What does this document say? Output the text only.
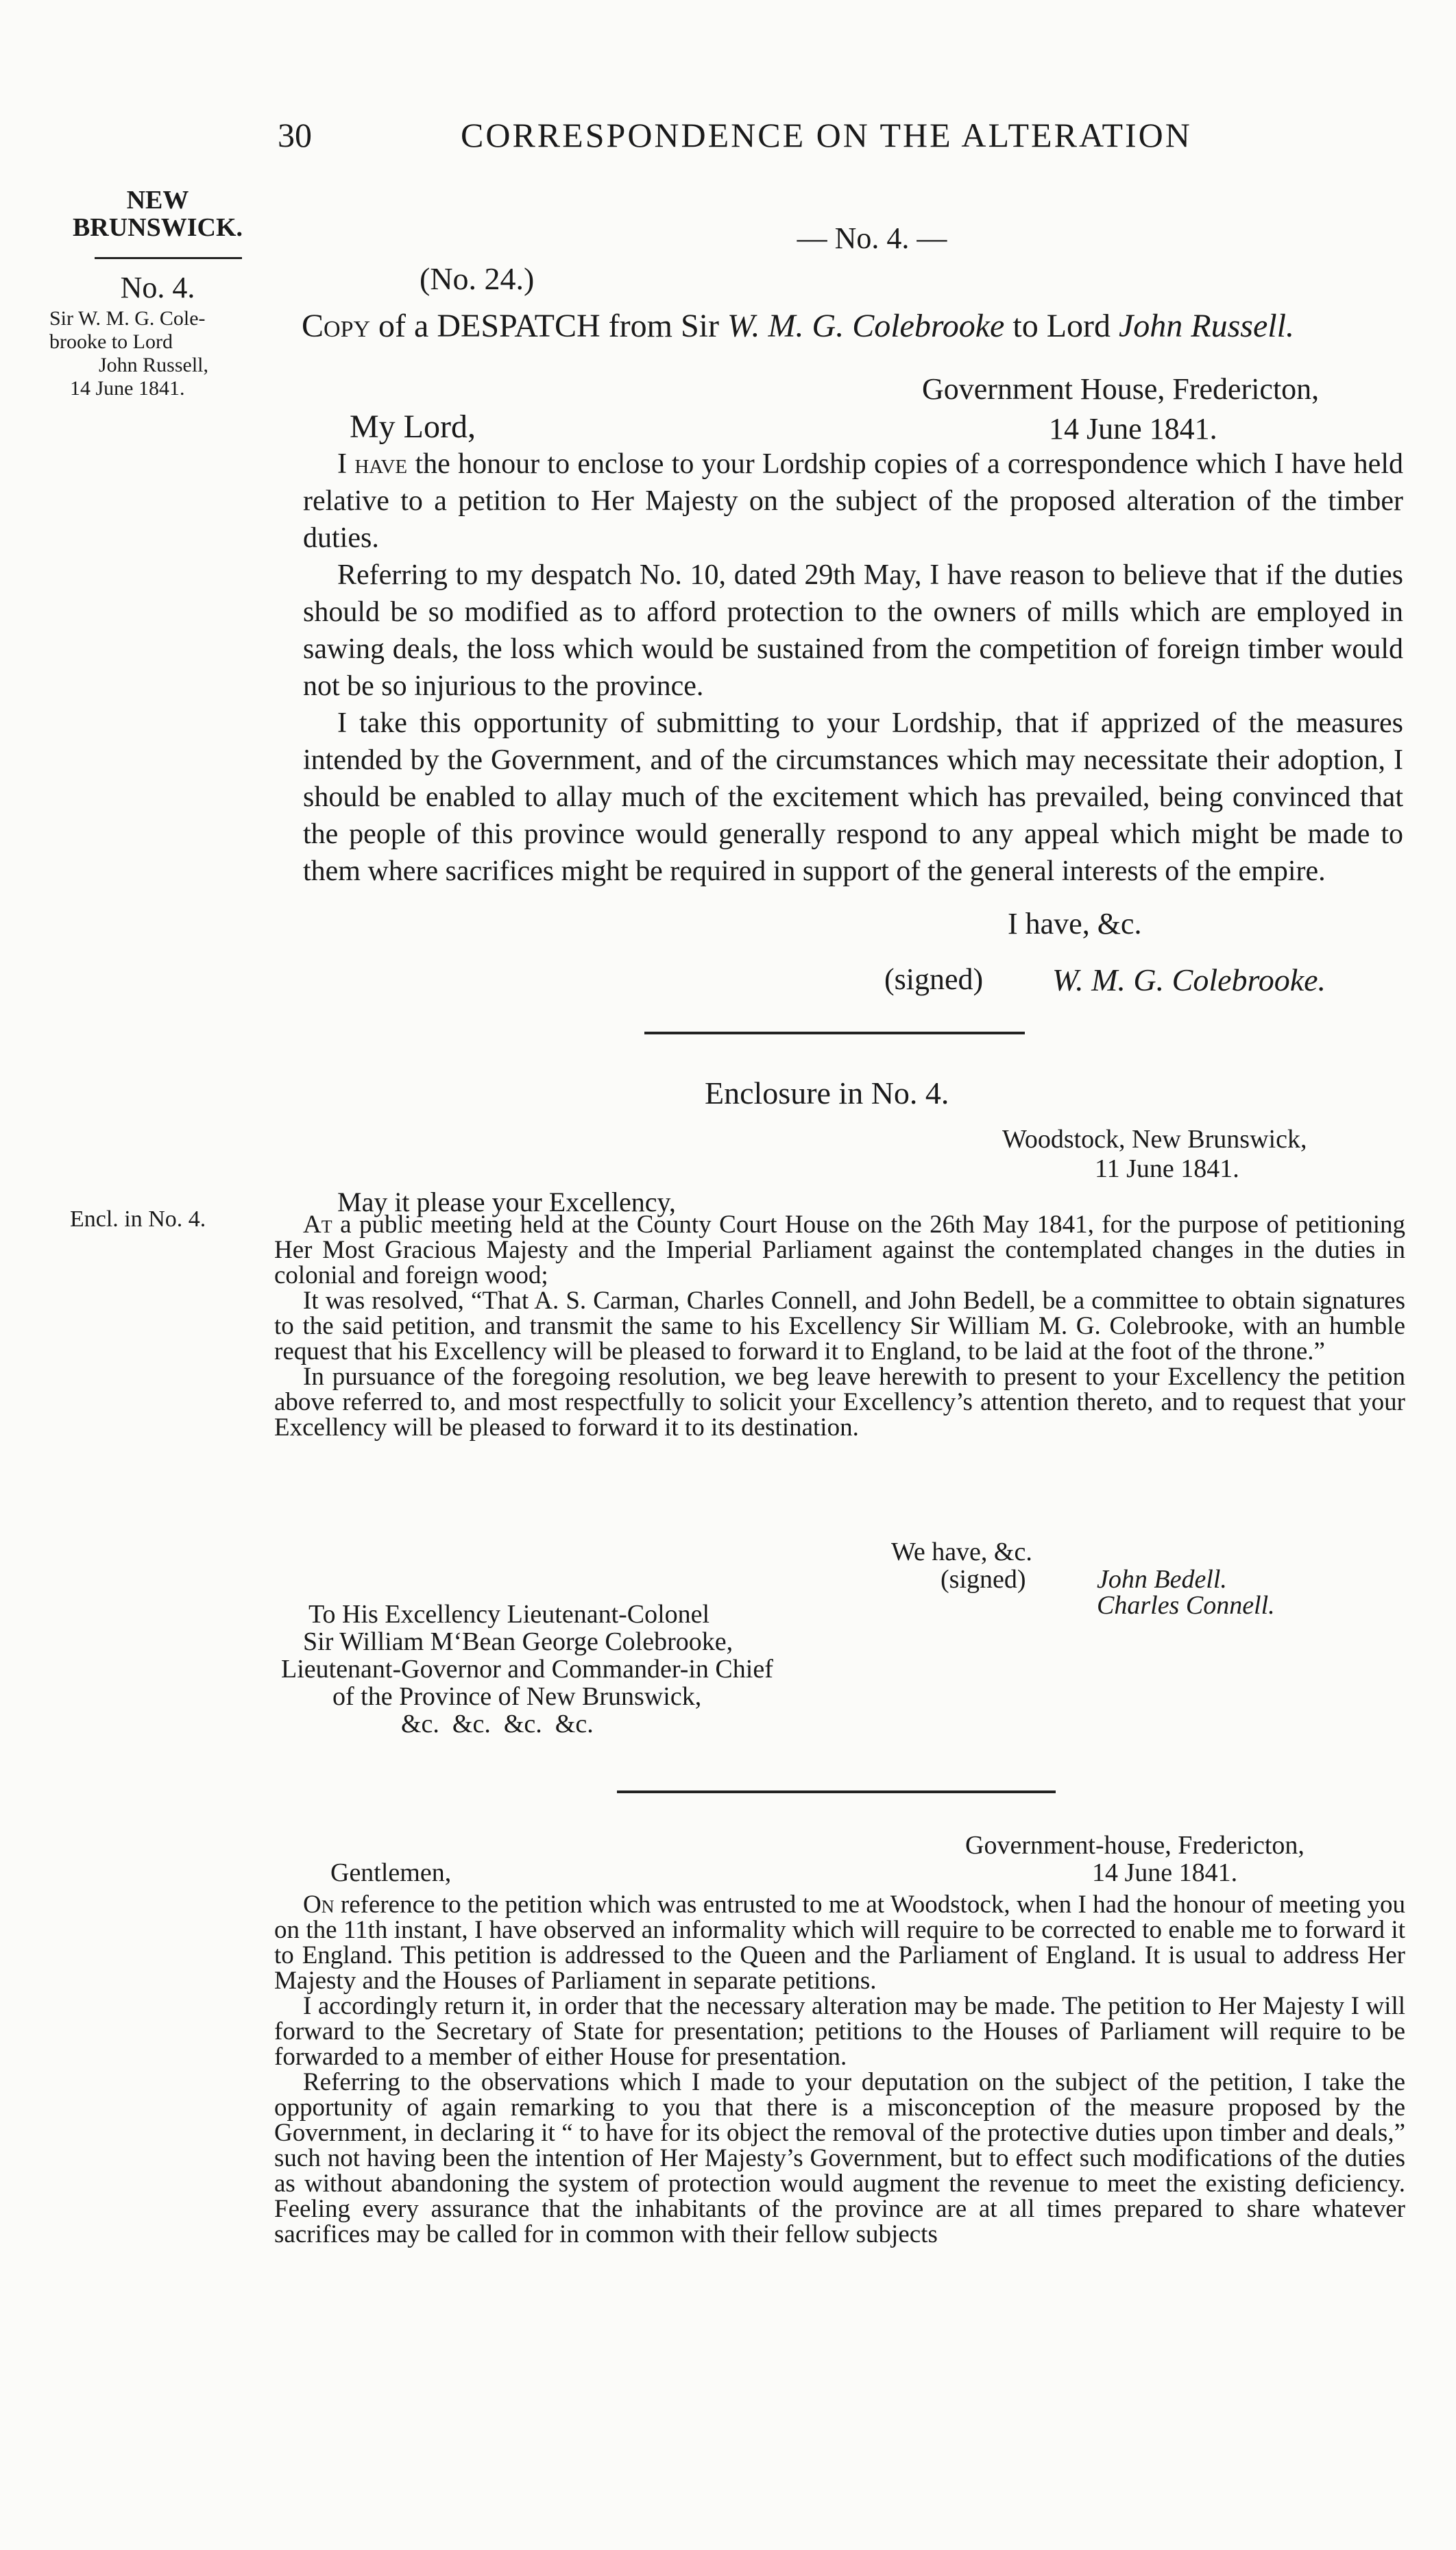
30	CORRESPONDENCE ON THE ALTERATION
NEW
BRUNSWICK.
No. 4.
Sir W. M. G. Cole-
brooke to Lord
John Russell,
14 June 1841.
Encl. in No. 4.
— No. 4. —
(No. 24.)
Copy of a DESPATCH from Sir W. M. G. Colebrooke to Lord John Russell.
Government House, Fredericton,
My Lord,	14 June 1841.

I have the honour to enclose to your Lordship copies of a correspondence which I have held relative to a petition to Her Majesty on the subject of the proposed alteration of the timber duties.

Referring to my despatch No. 10, dated 29th May, I have reason to believe that if the duties should be so modified as to afford protection to the owners of mills which are employed in sawing deals, the loss which would be sustained from the competition of foreign timber would not be so injurious to the province.

I take this opportunity of submitting to your Lordship, that if apprized of the measures intended by the Government, and of the circumstances which may necessitate their adoption, I should be enabled to allay much of the excitement which has prevailed, being convinced that the people of this province would generally respond to any appeal which might be made to them where sacrifices might be required in support of the general interests of the empire.

I have, &c.
(signed) W. M. G. Colebrooke.
Enclosure in No. 4.
Woodstock, New Brunswick,
11 June 1841.
May it please your Excellency,

At a public meeting held at the County Court House on the 26th May 1841, for the purpose of petitioning Her Most Gracious Majesty and the Imperial Parliament against the contemplated changes in the duties in colonial and foreign wood;

It was resolved, “That A. S. Carman, Charles Connell, and John Bedell, be a committee to obtain signatures to the said petition, and transmit the same to his Excellency Sir William M. G. Colebrooke, with an humble request that his Excellency will be pleased to forward it to England, to be laid at the foot of the throne.”

In pursuance of the foregoing resolution, we beg leave herewith to present to your Excellency the petition above referred to, and most respectfully to solicit your Excellency’s attention thereto, and to request that your Excellency will be pleased to forward it to its destination.

We have, &c.
(signed)	John Bedell.
Charles Connell.
To His Excellency Lieutenant-Colonel
Sir William M‘Bean George Colebrooke,
Lieutenant-Governor and Commander-in Chief
of the Province of New Brunswick,
&c.  &c.  &c.  &c.
Government-house, Fredericton,
14 June 1841.
Gentlemen,

On reference to the petition which was entrusted to me at Woodstock, when I had the honour of meeting you on the 11th instant, I have observed an informality which will require to be corrected to enable me to forward it to England. This petition is addressed to the Queen and the Parliament of England. It is usual to address Her Majesty and the Houses of Parliament in separate petitions.

I accordingly return it, in order that the necessary alteration may be made. The petition to Her Majesty I will forward to the Secretary of State for presentation; petitions to the Houses of Parliament will require to be forwarded to a member of either House for presentation.

Referring to the observations which I made to your deputation on the subject of the petition, I take the opportunity of again remarking to you that there is a misconception of the measure proposed by the Government, in declaring it “ to have for its object the removal of the protective duties upon timber and deals,” such not having been the intention of Her Majesty’s Government, but to effect such modifications of the duties as without abandoning the system of protection would augment the revenue to meet the existing deficiency. Feeling every assurance that the inhabitants of the province are at all times prepared to share whatever sacrifices may be called for in common with their fellow subjects
